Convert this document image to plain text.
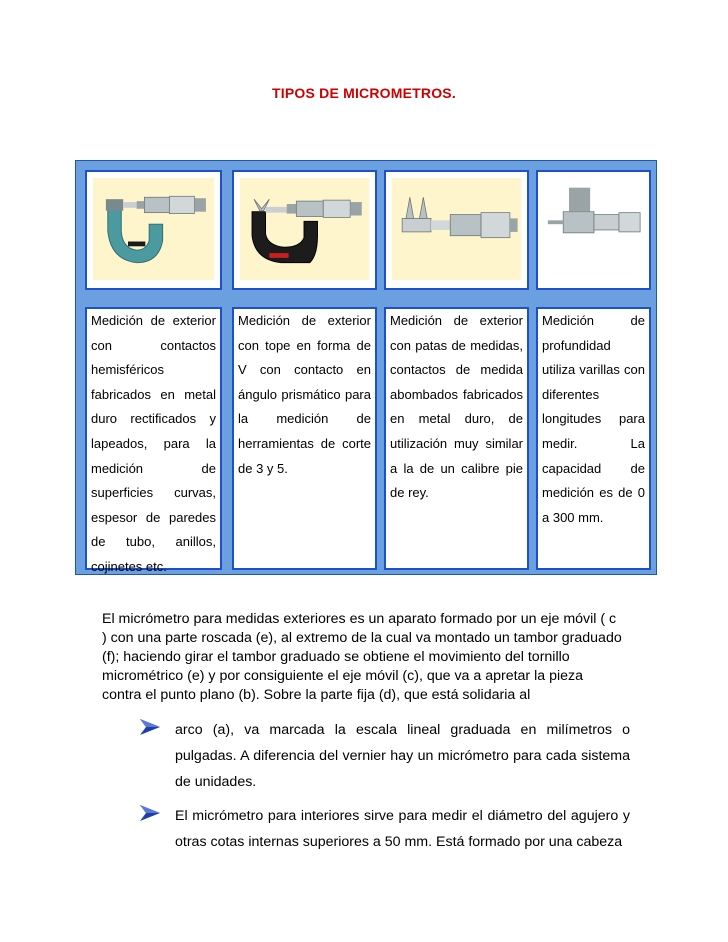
TIPOS DE MICROMETROS.
Medición de exterior con contactos hemisféricos fabricados en metal duro rectificados y lapeados, para la medición de superficies curvas, espesor de paredes de tubo, anillos, cojinetes etc.
Medición de exterior con tope en forma de V con contacto en ángulo prismático para la medición de herramientas de corte de 3 y 5.
Medición de exterior con patas de medidas, contactos de medida abombados fabricados en metal duro, de utilización muy similar a la de un calibre pie de rey.
Medición de profundidad utiliza varillas con diferentes longitudes para medir. La capacidad de medición es de 0 a 300 mm.
El micrómetro para medidas exteriores es un aparato formado por un eje móvil ( c
) con una parte roscada (e), al extremo de la cual va montado un tambor graduado
(f); haciendo girar el tambor graduado se obtiene el movimiento del tornillo
micrométrico (e) y por consiguiente el eje móvil (c), que va a apretar la pieza
contra el punto plano (b). Sobre la parte fija (d), que está solidaria al
arco (a), va marcada la escala lineal graduada en milímetros o pulgadas. A diferencia del vernier hay un micrómetro para cada sistema de unidades.
El micrómetro para interiores sirve para medir el diámetro del agujero y otras cotas internas superiores a 50 mm. Está formado por una cabeza
